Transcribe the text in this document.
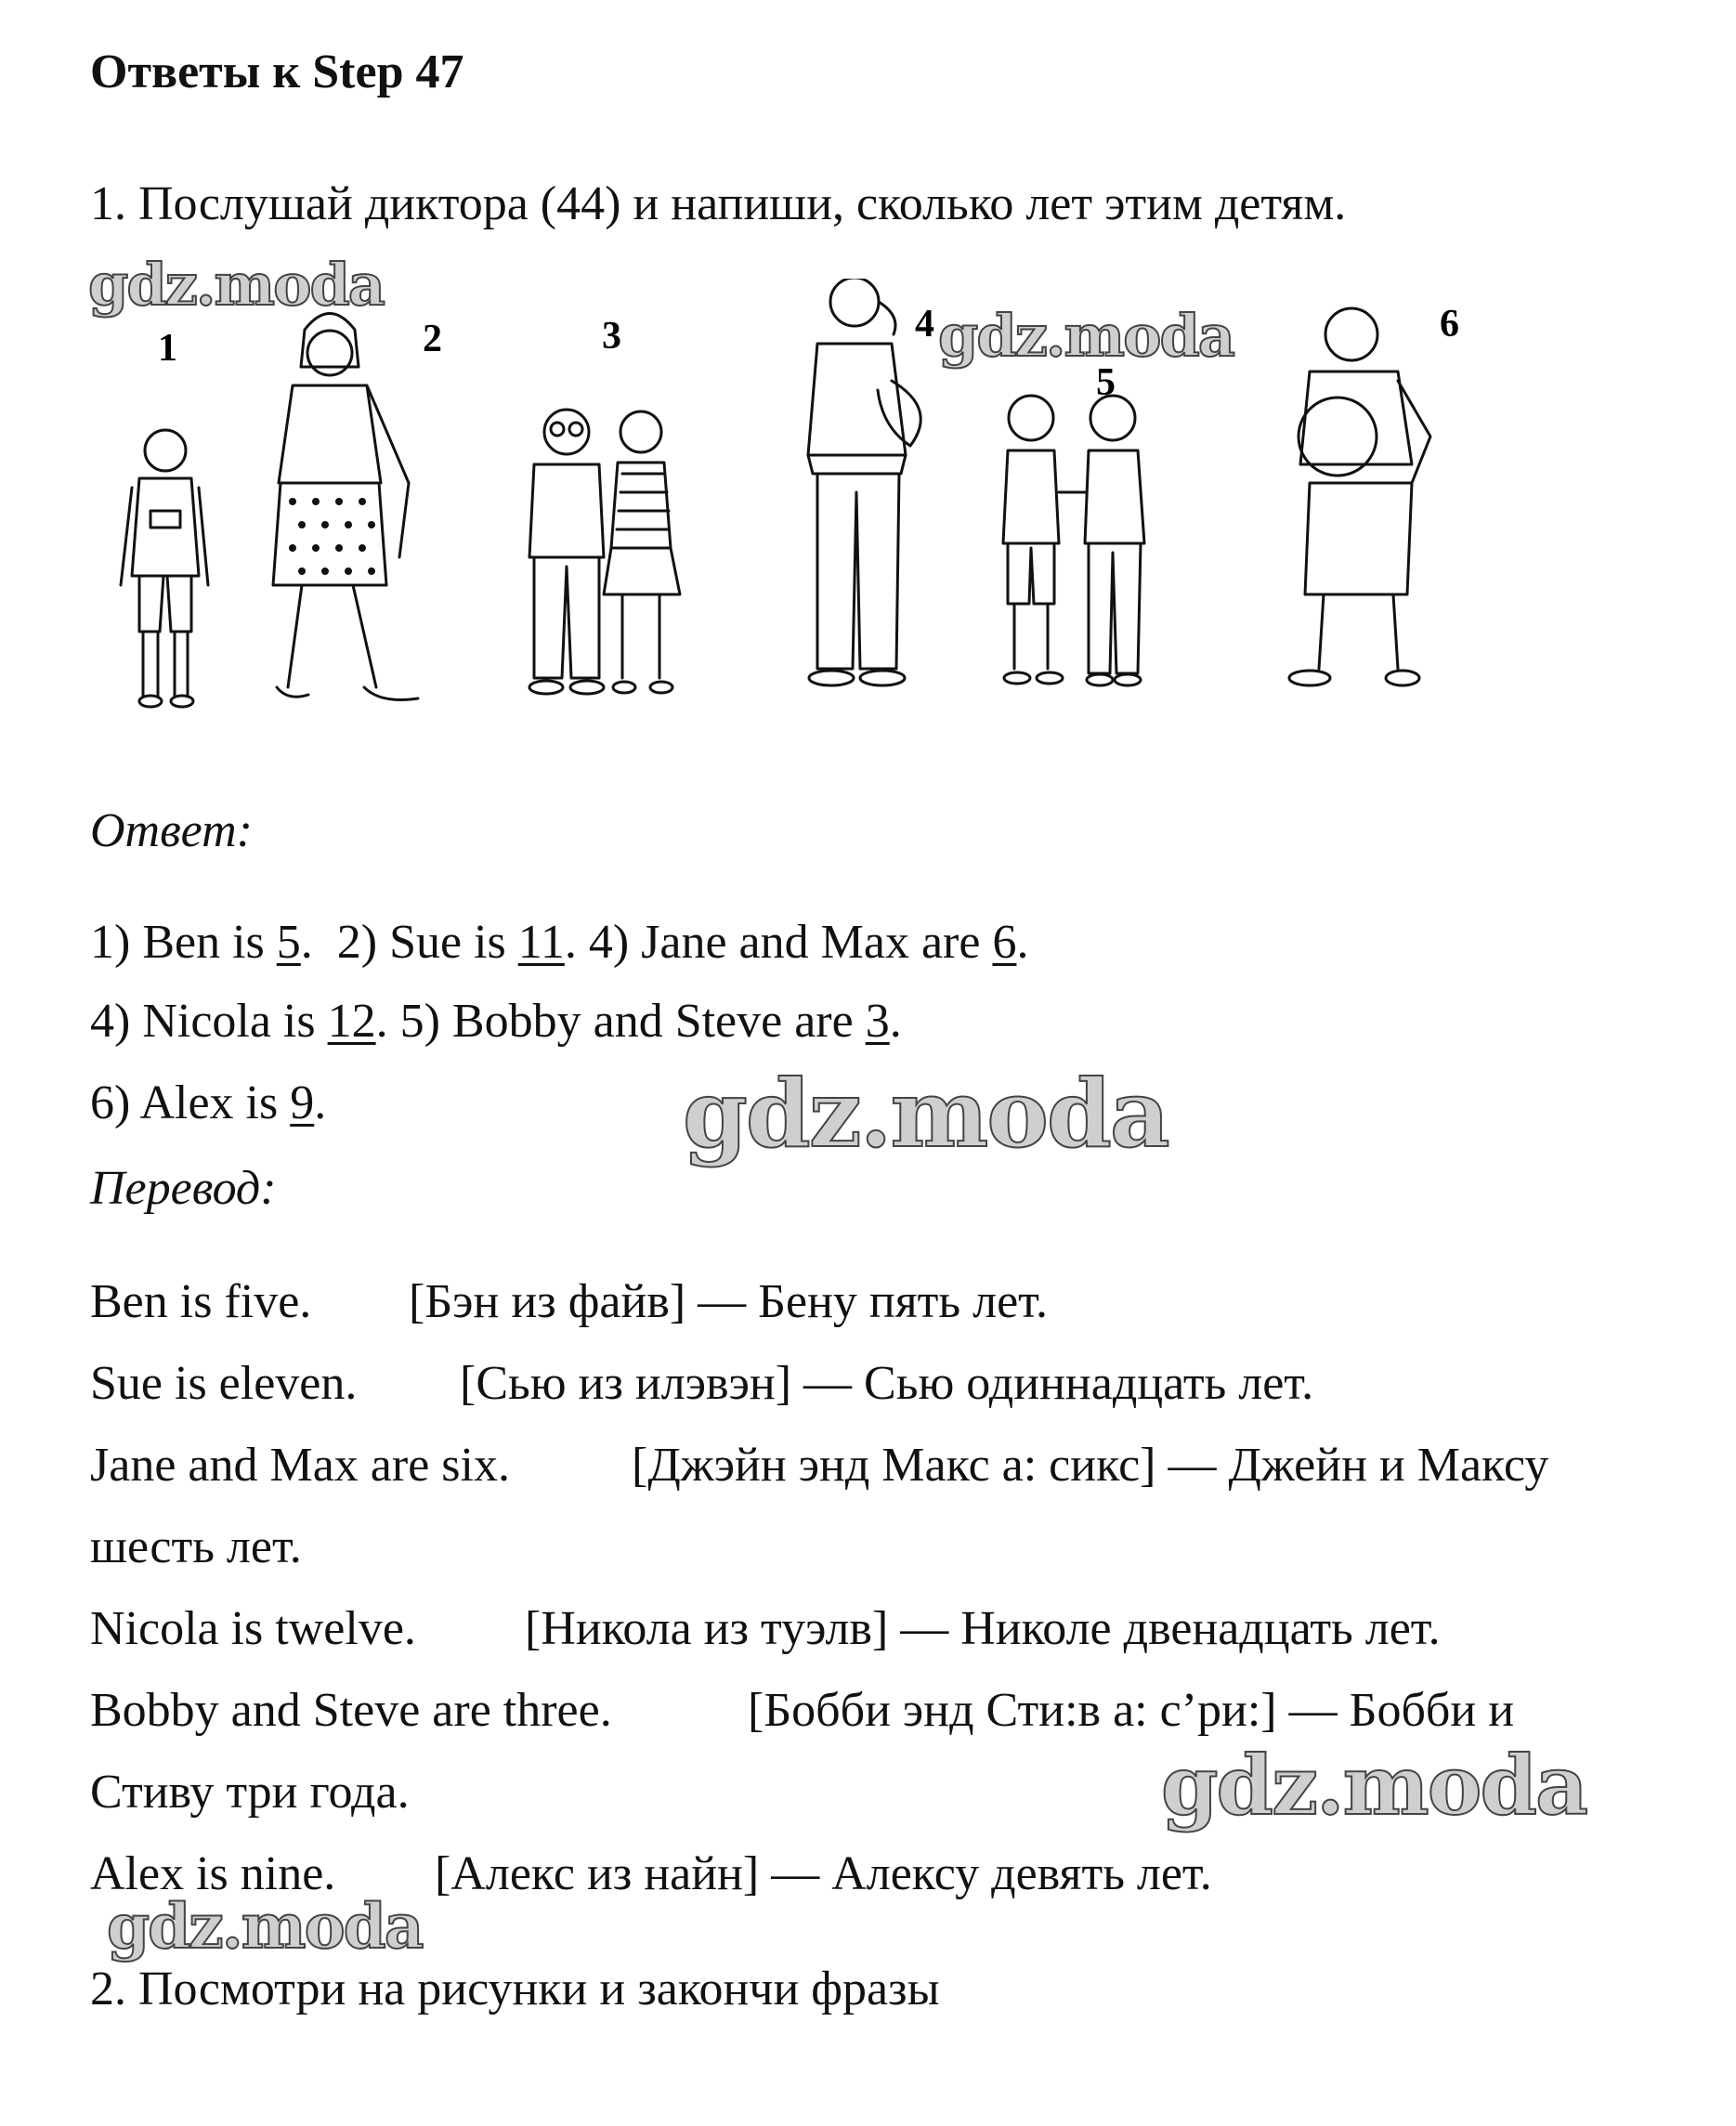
Ответы к Step 47
1. Послушай диктора (44) и напиши, сколько лет этим детям.
1	2	3	4
5
6
Ответ:
1) Ben is 5.  2) Sue is 11. 4) Jane and Max are 6.
4) Nicola is 12. 5) Bobby and Steve are 3.
6) Alex is 9.
Перевод:
Ben is five. [Бэн из файв] — Бену пять лет.
Sue is eleven. [Сью из илэвэн] — Сью одиннадцать лет.
Jane and Max are six.	[Джэйн энд Макс а: сикс] — Джейн и Максу
шесть лет.
Nicola is twelve. [Никола из туэлв] — Николе двенадцать лет.
Bobby and Steve are three.	[Бобби энд Сти:в а: с’ри:] — Бобби и
Стиву три года.
Alex is nine. [Алекс из найн] — Алексу девять лет.
2. Посмотри на рисунки и закончи фразы
gdz.moda
gdz.moda
gdz.moda
gdz.moda
gdz.moda
